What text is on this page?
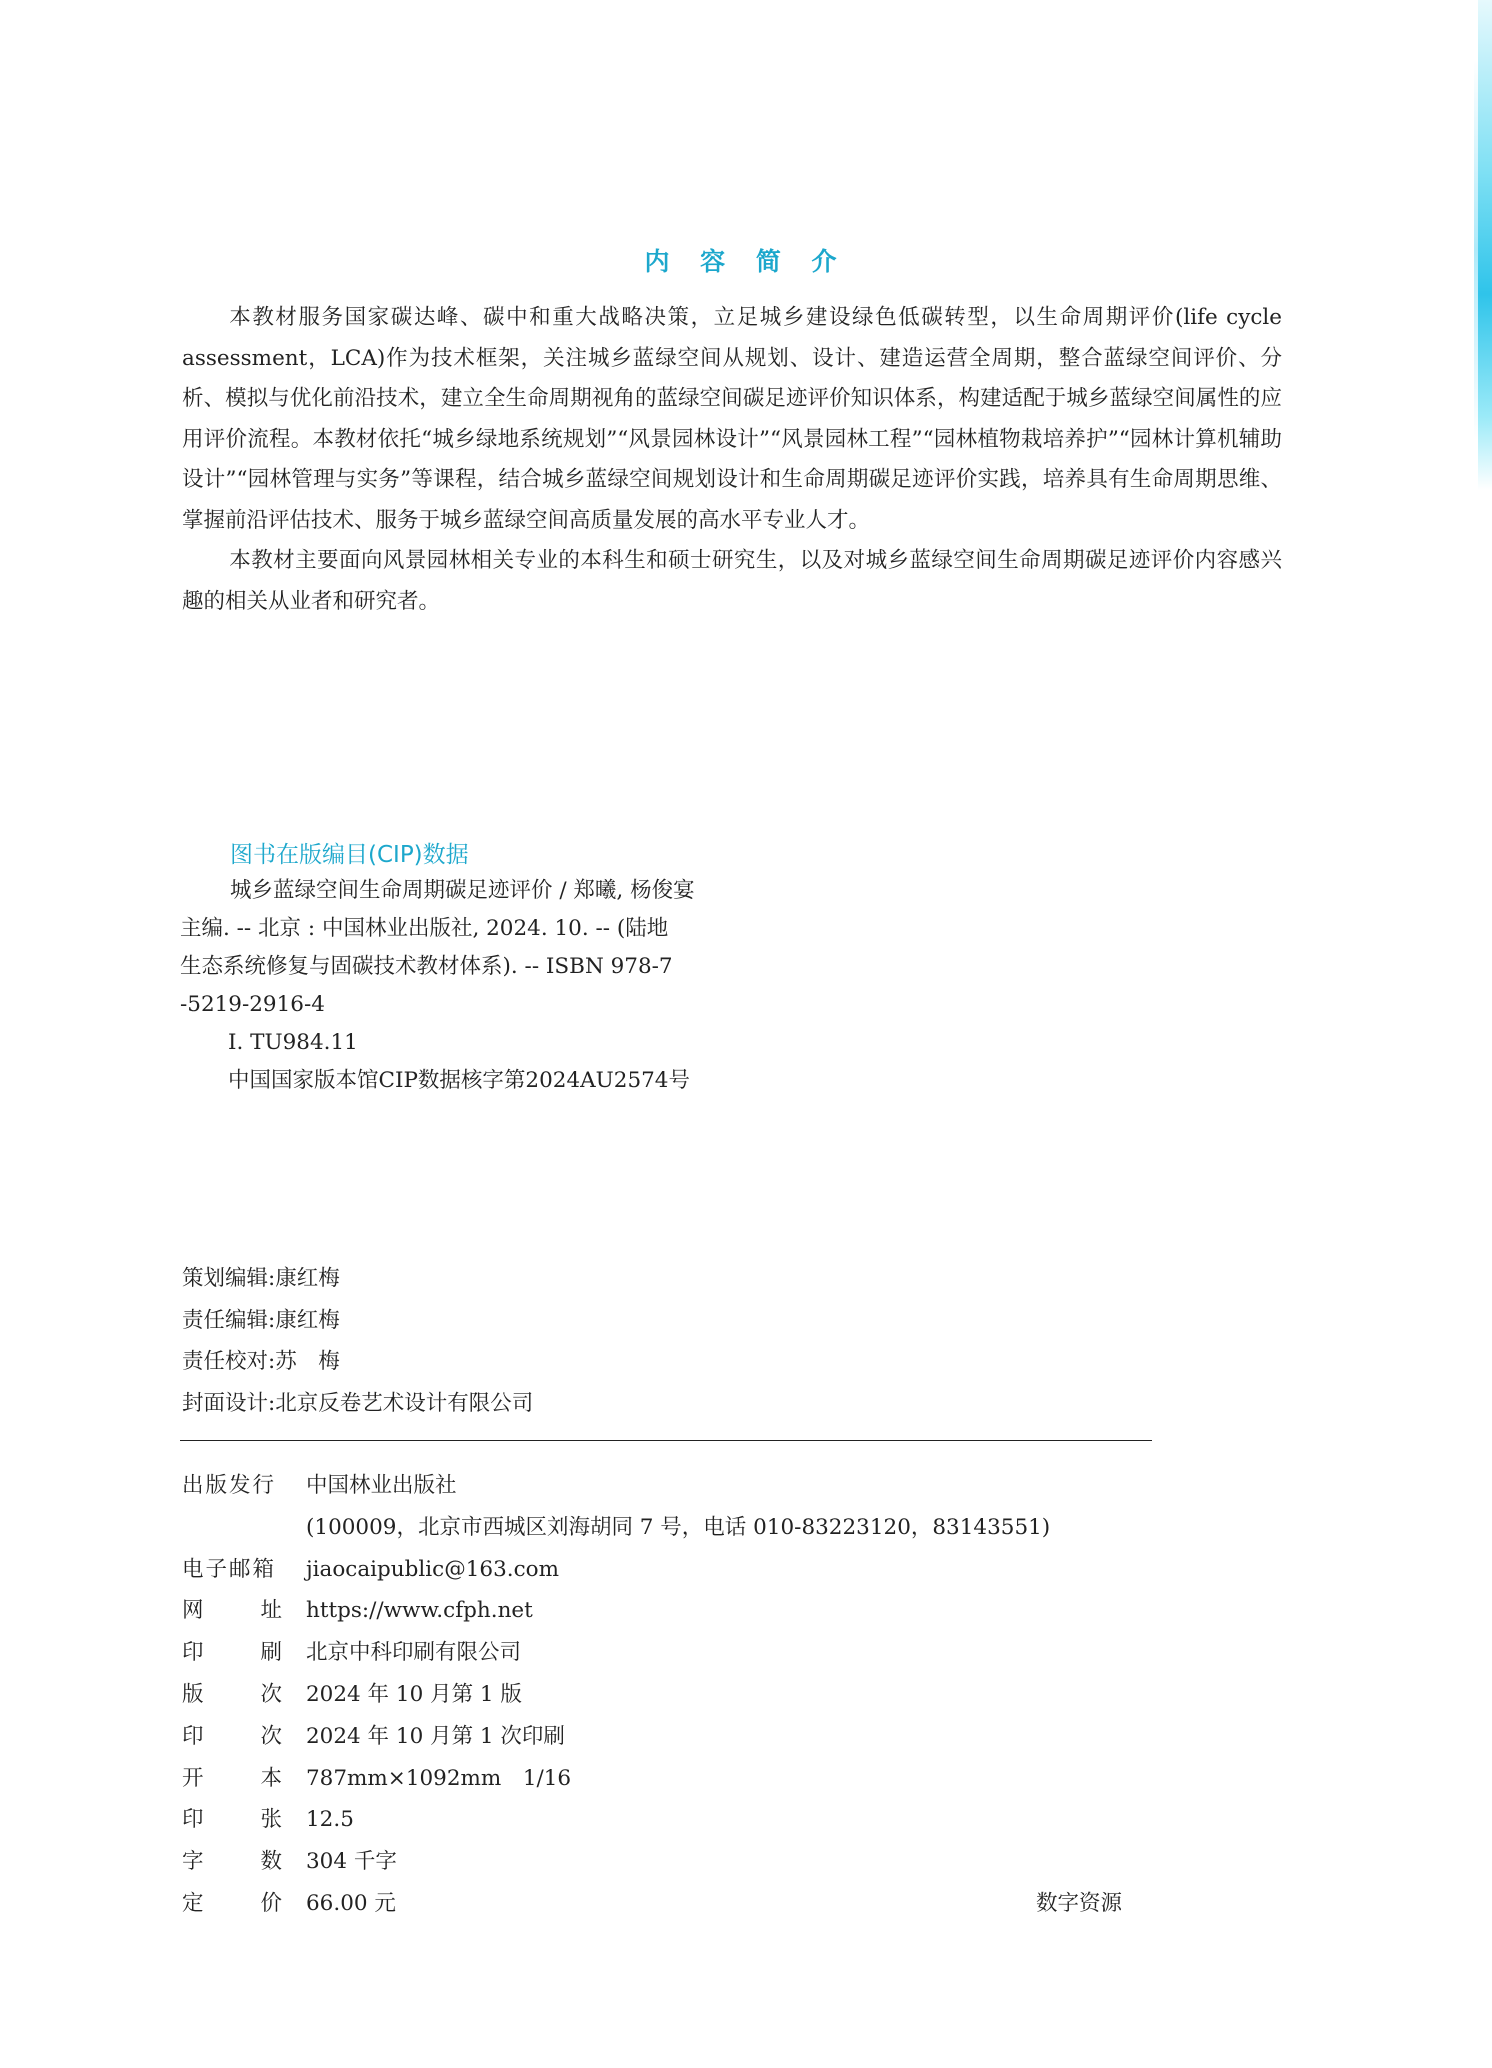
内 容 简 介

本教材服务国家碳达峰、碳中和重大战略决策，立足城乡建设绿色低碳转型，以生命周期评价(life cycle assessment，LCA)作为技术框架，关注城乡蓝绿空间从规划、设计、建造运营全周期，整合蓝绿空间评价、分析、模拟与优化前沿技术，建立全生命周期视角的蓝绿空间碳足迹评价知识体系，构建适配于城乡蓝绿空间属性的应用评价流程。本教材依托“城乡绿地系统规划”“风景园林设计”“风景园林工程”“园林植物栽培养护”“园林计算机辅助设计”“园林管理与实务”等课程，结合城乡蓝绿空间规划设计和生命周期碳足迹评价实践，培养具有生命周期思维、掌握前沿评估技术、服务于城乡蓝绿空间高质量发展的高水平专业人才。

本教材主要面向风景园林相关专业的本科生和硕士研究生，以及对城乡蓝绿空间生命周期碳足迹评价内容感兴趣的相关从业者和研究者。

图书在版编目(CIP)数据
城乡蓝绿空间生命周期碳足迹评价 / 郑曦, 杨俊宴
主编. -- 北京 : 中国林业出版社, 2024. 10. -- (陆地
生态系统修复与固碳技术教材体系). -- ISBN 978-7
-5219-2916-4
Ⅰ. TU984.11
中国国家版本馆CIP数据核字第2024AU2574号
策划编辑:康红梅
责任编辑:康红梅
责任校对:苏　梅
封面设计:北京反卷艺术设计有限公司
出版发行	中国林业出版社
(100009，北京市西城区刘海胡同 7 号，电话 010-83223120，83143551)
电子邮箱	jiaocaipublic@163.com
网	址 https://www.cfph.net
印	刷 北京中科印刷有限公司
版	次 2024 年 10 月第 1 版
印	次 2024 年 10 月第 1 次印刷
开	本 787mm×1092mm　1/16
印	张 12.5
字	数 304 千字
定	价 66.00 元	数字资源
